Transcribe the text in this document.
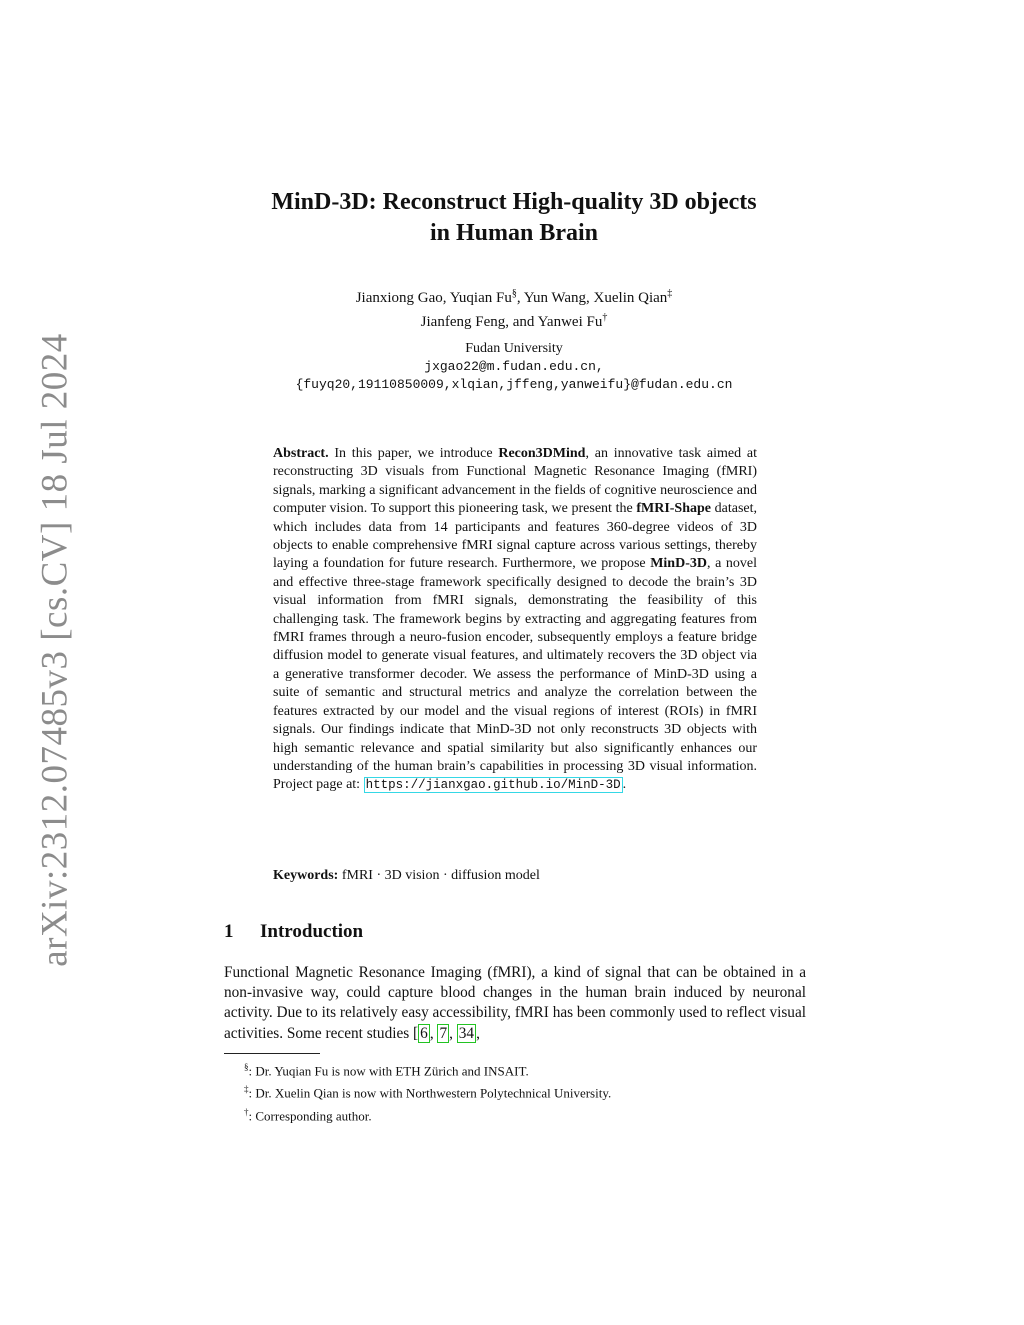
arXiv:2312.07485v3 [cs.CV] 18 Jul 2024
MinD-3D: Reconstruct High-quality 3D objects
in Human Brain
Jianxiong Gao, Yuqian Fu§, Yun Wang, Xuelin Qian‡
Jianfeng Feng, and Yanwei Fu†
Fudan University
jxgao22@m.fudan.edu.cn,
{fuyq20,19110850009,xlqian,jffeng,yanweifu}@fudan.edu.cn
Abstract. In this paper, we introduce Recon3DMind, an innovative task aimed at reconstructing 3D visuals from Functional Magnetic Resonance Imaging (fMRI) signals, marking a significant advancement in the fields of cognitive neuroscience and computer vision. To support this pioneering task, we present the fMRI-Shape dataset, which includes data from 14 participants and features 360-degree videos of 3D objects to enable comprehensive fMRI signal capture across various settings, thereby laying a foundation for future research. Furthermore, we propose MinD-3D, a novel and effective three-stage framework specifically designed to decode the brain’s 3D visual information from fMRI signals, demonstrating the feasibility of this challenging task. The framework begins by extracting and aggregating features from fMRI frames through a neuro-fusion encoder, subsequently employs a feature bridge diffusion model to generate visual features, and ultimately recovers the 3D object via a generative transformer decoder. We assess the performance of MinD-3D using a suite of semantic and structural metrics and analyze the correlation between the features extracted by our model and the visual regions of interest (ROIs) in fMRI signals. Our findings indicate that MinD-3D not only reconstructs 3D objects with high semantic relevance and spatial similarity but also significantly enhances our understanding of the human brain’s capabilities in processing 3D visual information. Project page at: https://jianxgao.github.io/MinD-3D .
Keywords: fMRI · 3D vision · diffusion model
1 Introduction
Functional Magnetic Resonance Imaging (fMRI), a kind of signal that can be obtained in a non-invasive way, could capture blood changes in the human brain induced by neuronal activity. Due to its relatively easy accessibility, fMRI has been commonly used to reflect visual activities. Some recent studies [ 6 , 7 , 34 ,
§: Dr. Yuqian Fu is now with ETH Zürich and INSAIT.
‡: Dr. Xuelin Qian is now with Northwestern Polytechnical University.
†: Corresponding author.
